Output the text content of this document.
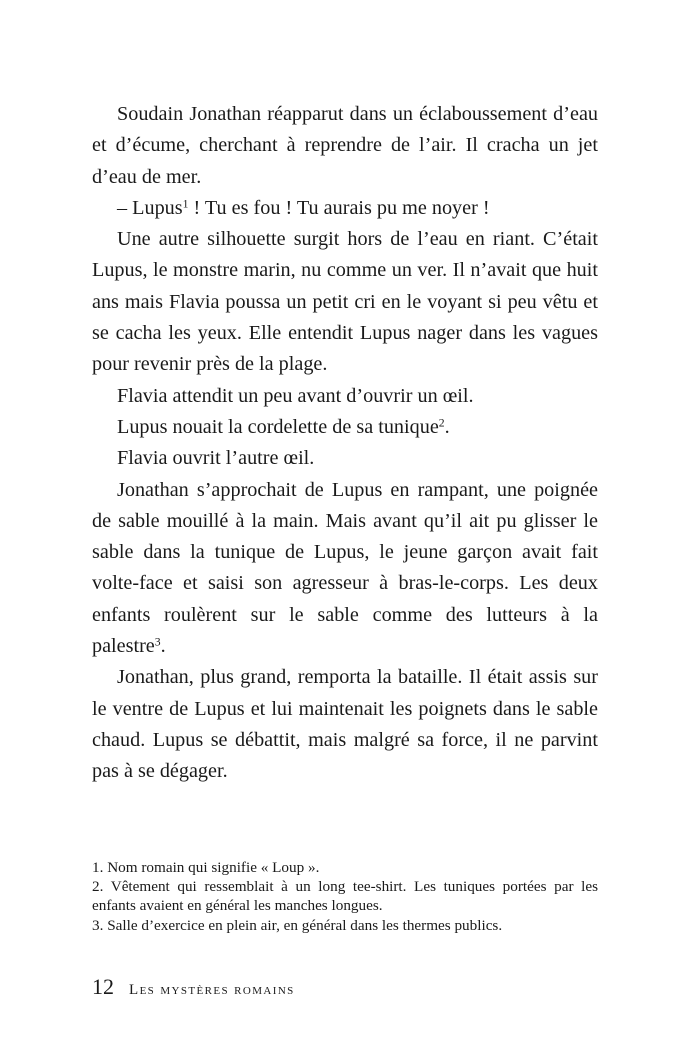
Soudain Jonathan réapparut dans un éclaboussement d’eau et d’écume, cherchant à reprendre de l’air. Il cracha un jet d’eau de mer.

– Lupus$^1$ ! Tu es fou ! Tu aurais pu me noyer !

Une autre silhouette surgit hors de l’eau en riant. C’était Lupus, le monstre marin, nu comme un ver. Il n’avait que huit ans mais Flavia poussa un petit cri en le voyant si peu vêtu et se cacha les yeux. Elle entendit Lupus nager dans les vagues pour revenir près de la plage.

Flavia attendit un peu avant d’ouvrir un œil.

Lupus nouait la cordelette de sa tunique$^2$.

Flavia ouvrit l’autre œil.

Jonathan s’approchait de Lupus en rampant, une poignée de sable mouillé à la main. Mais avant qu’il ait pu glisser le sable dans la tunique de Lupus, le jeune garçon avait fait volte-face et saisi son agresseur à bras-le-corps. Les deux enfants roulèrent sur le sable comme des lutteurs à la palestre$^3$.

Jonathan, plus grand, remporta la bataille. Il était assis sur le ventre de Lupus et lui maintenait les poignets dans le sable chaud. Lupus se débattit, mais malgré sa force, il ne parvint pas à se dégager.

1. Nom romain qui signifie « Loup ».

2. Vêtement qui ressemblait à un long tee-shirt. Les tuniques portées par les enfants avaient en général les manches longues.

3. Salle d’exercice en plein air, en général dans les thermes publics.

12 Les mystères romains
